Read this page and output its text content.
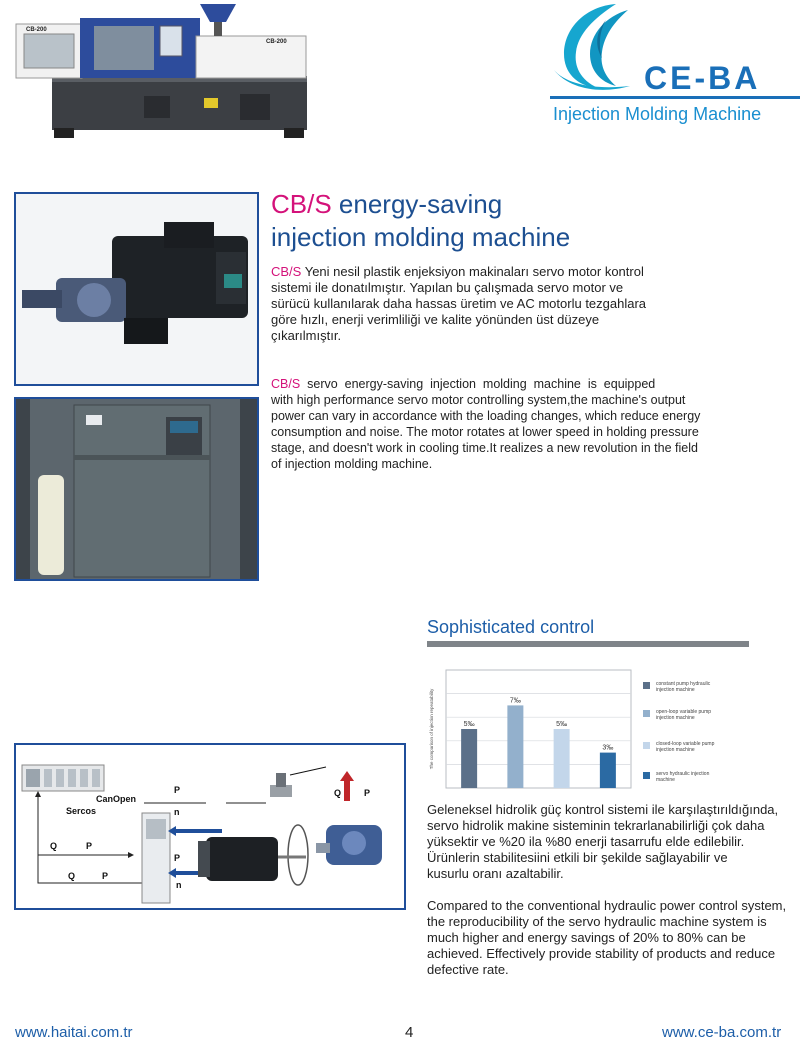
CB-200
CB-200
CE-BA
Injection Molding Machine
CB/S energy-saving
injection molding machine
CB/S Yeni nesil plastik enjeksiyon makinaları servo motor kontrol
sistemi ile donatılmıştır. Yapılan bu çalışmada servo motor ve
sürücü kullanılarak daha hassas üretim ve AC motorlu tezgahlara
göre hızlı, enerji verimliliği ve kalite yönünden üst düzeye
çıkarılmıştır.
CB/S  servo  energy-saving  injection  molding  machine  is  equipped
with high performance servo motor controlling system,the machine's output
power can vary in accordance with the loading changes, which reduce energy
consumption and noise. The motor rotates at lower speed in holding pressure
stage, and doesn't work in cooling time.It realizes a new revolution in the field
of injection molding machine.
Sophisticated control
The comparison of injection repeatability	5‰
7‰
5‰
3‰
constant pump hydraulic injection machine
open-loop variable pump injection machine
closed-loop variable pump injection machine
servo hydraulic injection machine
Geleneksel hidrolik güç kontrol sistemi ile karşılaştırıldığında,
servo hidrolik makine sisteminin tekrarlanabilirliği çok daha
yüksektir ve %20 ila %80 enerji tasarrufu elde edilebilir.
Ürünlerin stabilitesiini etkili bir şekilde sağlayabilir ve
kusurlu oranı azaltabilir.
Compared to the conventional hydraulic power control system,
the reproducibility of the servo hydraulic machine system is
much higher and energy savings of 20% to 80% can be
achieved. Effectively provide stability of products and reduce
defective rate.
CanOpen
Sercos
P
n
P
n
Q	P
Q	P
Q	P
www.haitai.com.tr	4	www.ce-ba.com.tr
